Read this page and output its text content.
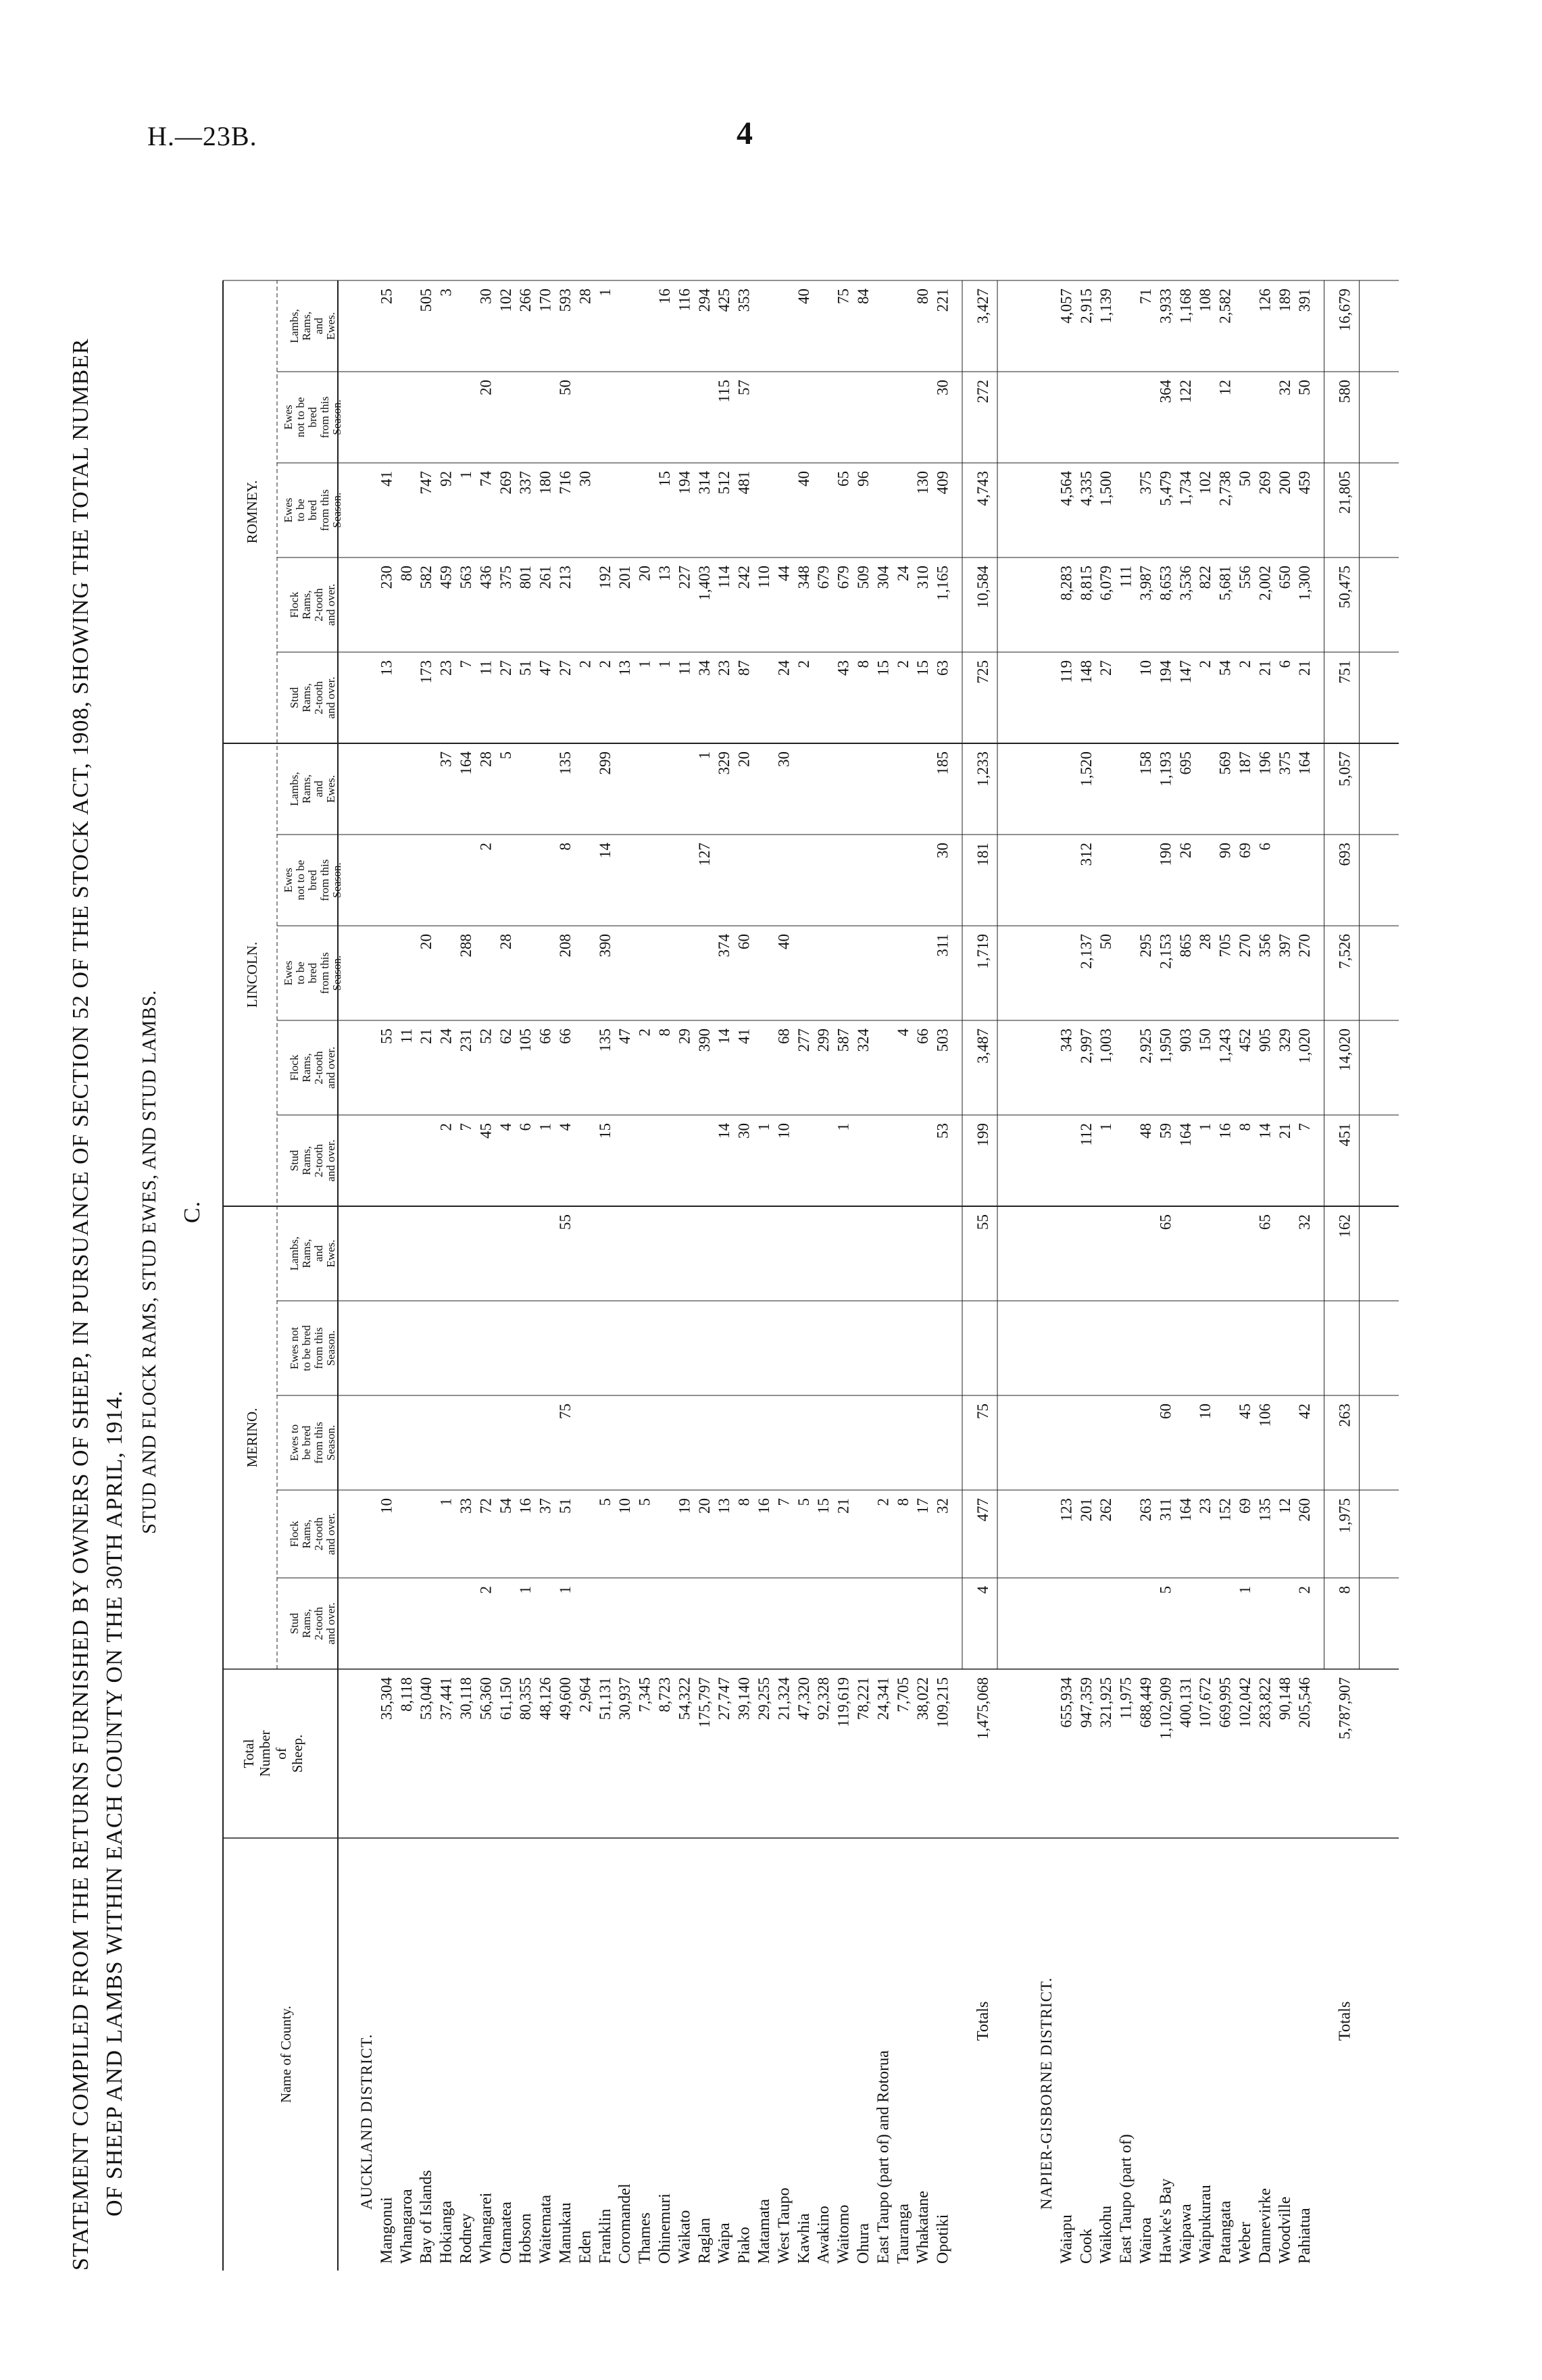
H.—23B.	4
STATEMENT COMPILED FROM THE RETURNS FURNISHED BY OWNERS OF SHEEP, IN PURSUANCE OF SECTION 52 OF THE STOCK ACT, 1908, SHOWING THE TOTAL NUMBER OF SHEEP AND LAMBS WITHIN EACH COUNTY ON THE 30TH APRIL, 1914.
STUD AND FLOCK RAMS, STUD EWES, AND STUD LAMBS. C.
Name of County.
Total Number of Sheep.
MERINO.
LINCOLN.
ROMNEY.
Stud Rams, 2-tooth and over.
Flock Rams, 2-tooth and over.
Ewes to be bred from this Season.
Ewes not to be bred from this Season.
Lambs, Rams, and Ewes.
Stud Rams, 2-tooth and over.
Flock Rams, 2-tooth and over.
Ewes to be bred from this Season.
Ewes not to be bred from this Season.
Lambs, Rams, and Ewes.
Stud Rams, 2-tooth and over.
Flock Rams, 2-tooth and over.
Ewes to be bred from this Season.
Ewes not to be bred from this Season.
Lambs, Rams, and Ewes.
AUCKLAND DISTRICT.
Mangonui
35,304
10
55
13
230
41
25
Whangaroa
8,118
11
80
Bay of Islands
53,040
21
20
173
582
747
505
Hokianga
37,441
1
2
24
37
23
459
92
3
Rodney
30,118
33
7
231
288
164
7
563
1
Whangarei
56,360
2
72
45
52
2
28
11
436
74
20
30
Otamatea
61,150
54
4
62
28
5
27
375
269
102
Hobson
80,355
1
16
6
105
51
801
337
266
Waitemata
48,126
37
1
66
47
261
180
170
Manukau
49,600
1
51
75
55
4
66
208
8
135
27
213
716
50
593
Eden
2,964
2
30
28
Franklin
51,131
5
15
135
390
14
299
2
192
1
Coromandel
30,937
10
47
13
201
Thames
7,345
5
2
1
20
Ohinemuri
8,723
8
1
13
15
16
Waikato
54,322
19
29
11
227
194
116
Raglan
175,797
20
390
127
1
34
1,403
314
294
Waipa
27,747
13
14
14
374
329
23
114
512
115
425
Piako
39,140
8
30
41
60
20
87
242
481
57
353
Matamata
29,255
16
1
110
West Taupo
21,324
7
10
68
40
30
24
44
Kawhia
47,320
5
277
2
348
40
40
Awakino
92,328
15
299
679
Waitomo
119,619
21
1
587
43
679
65
75
Ohura
78,221
324
8
509
96
84
East Taupo (part of) and Rotorua
24,341
2
15
304
Tauranga
7,705
8
4
2
24
Whakatane
38,022
17
66
15
310
130
80
Opotiki
109,215
32
53
503
311
30
185
63
1,165
409
30
221
Totals
1,475,068
4
477
75
55
199
3,487
1,719
181
1,233
725
10,584
4,743
272
3,427
NAPIER-GISBORNE DISTRICT.
Waiapu
655,934
123
343
119
8,283
4,564
4,057
Cook
947,359
201
112
2,997
2,137
312
1,520
148
8,815
4,335
2,915
Waikohu
321,925
262
1
1,003
50
27
6,079
1,500
1,139
East Taupo (part of)
11,975
111
Wairoa
688,449
263
48
2,925
295
158
10
3,987
375
71
Hawke's Bay
1,102,909
5
311
60
65
59
1,950
2,153
190
1,193
194
8,653
5,479
364
3,933
Waipawa
400,131
164
164
903
865
26
695
147
3,536
1,734
122
1,168
Waipukurau
107,672
23
10
1
150
28
2
822
102
108
Patangata
669,995
152
16
1,243
705
90
569
54
5,681
2,738
12
2,582
Weber
102,042
1
69
45
8
452
270
69
187
2
556
50
Dannevirke
283,822
135
106
65
14
905
356
6
196
21
2,002
269
126
Woodville
90,148
12
21
329
397
375
6
650
200
32
189
Pahiatua
205,546
2
260
42
32
7
1,020
270
164
21
1,300
459
50
391
Totals
5,787,907
8
1,975
263
162
451
14,020
7,526
693
5,057
751
50,475
21,805
580
16,679
